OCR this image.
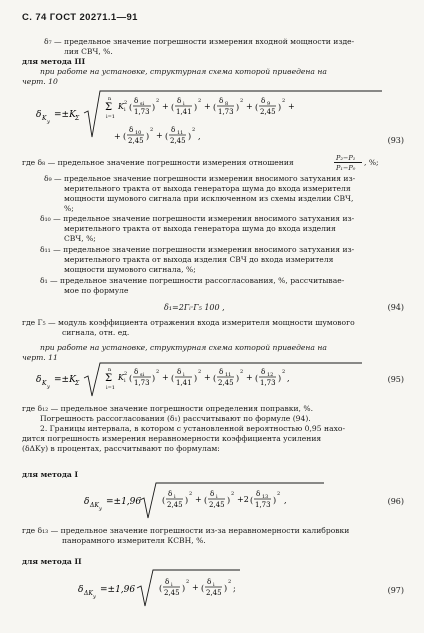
С. 74 ГОСТ 20271.1—91
δ₇ — предельное значение погрешности измерения входной мощности изде-
лия СВЧ, %.
для метода III
при работе на установке, структурная схема которой приведена на
черт. 10
δ K у
=±K Σ
n
Σ
i=1
K i
2 (
δ si
1,73 )
2
+ (
δ i
1,41 )
2
+ (
δ 8
1,73 )
2
+ (
δ 9
2,45 )
2
+
+ (
δ 10
2,45 )
2
+ (
δ 11
2,45 )
2
,	(93)
где δ₈ — предельное значение погрешности измерения отношения	P₂−P₁
P₁−P₀
, %;
δ₉ — предельное значение погрешности измерения вносимого затухания из-
мерительного тракта от выхода генератора шума до входа измерителя
мощности шумового сигнала при исключенном из схемы изделии СВЧ,
%;
δ₁₀ — предельное значение погрешности измерения вносимого затухания из-
мерительного тракта от выхода генератора шума до входа изделия
СВЧ, %;
δ₁₁ — предельное значение погрешности измерения вносимого затухания из-
мерительного тракта от выхода изделия СВЧ до входа измерителя
мощности шумового сигнала, %;
δ₁ — предельное значение погрешности рассогласования, %, рассчитывае-
мое по формуле
δ₁=2Гᵢ·Г₅ 100 ,	(94)
где Г₅ — модуль коэффициента отражения входа измерителя мощности шумового
сигнала, отн. ед.
при работе на установке, структурная схема которой приведена на
черт. 11
δ K у
=±K Σ
n
Σ
i=1
K i
2 (
δ si
1,73 )
2
+ (
δ i
1,41 )
2
+ (
δ 11
2,45 )
2
+ (
δ 12
1,73 )
2
,	(95)
где δ₁₂ — предельное значение погрешности определения поправки, %.
Погрешность рассогласования (δ₁) рассчитывают по формуле (94).
2. Границы интервала, в котором с установленной вероятностью 0,95 нахо-
дится погрешность измерения неравномерности коэффициента усиления
(δΔKу) в процентах, рассчитывают по формулам:
для метода I
δ ΔK у
=±1,96	(
δ i
2,45 )
2
+ (
δ i
2,45 )
2
+2 (
δ 13
1,73 )
2
,	(96)
где δ₁₃ — предельное значение погрешности из-за неравномерности калибровки
панорамного измерителя КСВН, %.
для метода II
δ ΔK у
=±1,96	(
δ i
2,45 )
2
+ (
δ i
2,45 )
2
;	(97)
